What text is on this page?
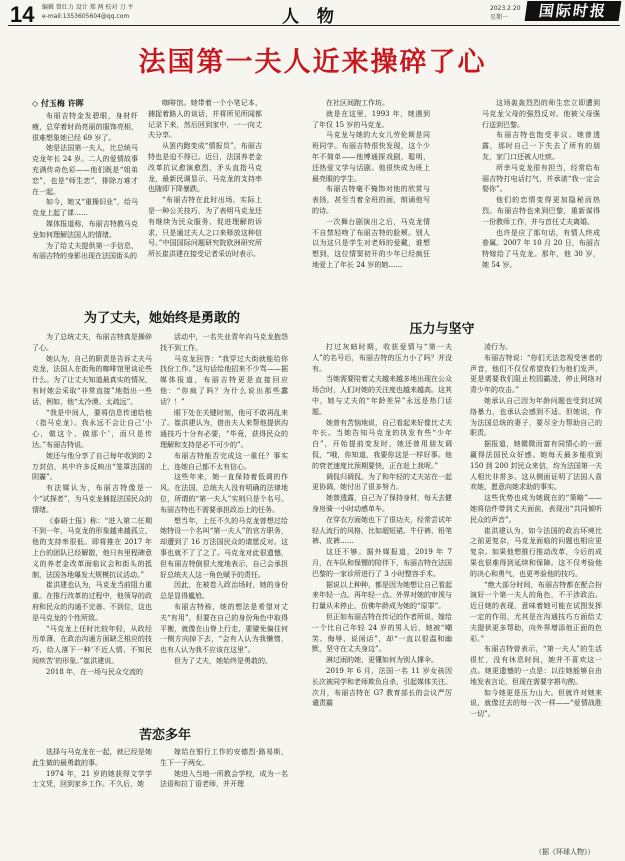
14 编辑 曾红力 设计 郑 两 校对 刀 平
e-mail:1353605604@qq.com	人 物	2023.2.20
星期一	国际时报
法国第一夫人近来操碎了心
◇ 付玉梅 许晖

布丽吉特金发碧眼，身材纤瘦，总穿着时尚亮丽的服饰亮相，很难想象她已经 69 岁了。

她是法国第一夫人，比总统马克龙年长 24 岁。二人的爱情故事充满传奇色彩——他们既是“姐弟恋”，也是“师生恋”，排除万难才在一起。

如今，她又“重操旧业”，给马克龙上起了课……

媒体报道称，布丽吉特教马克龙如何理解法国人的情绪。

为了给丈夫提供第一手信息，布丽吉特的身影出现在法国街头的

咖啡馆。她带着一个小笔记本，捕捉着路人的谈话，并将所见所闻都记录下来，然后回到家中，一一向丈夫分享。

从罢内跑变成“情报员”，布丽吉特也是迫不得已。近日，法国养老金改革抗议愈演愈烈，矛头直指马克龙，最新民调显示，马克龙的支持率也随即下降暴跌。

“布丽吉特在此时出场，实际上是一种公关技巧，为了表明马克龙还有继续为民众服务、促进理解的诉求，只是通过夫人之口来释放这种信号。”中国国际问题研究院欧洲研究所所长崔洪建在接受记者采访时表示。

在社区间跑工作坊。

就是在这里，1993 年，她遇到了年仅 15 岁的马克龙。

马克龙与她的大女儿劳伦斯是同班同学。布丽吉特很快发现，这个少年不简单——他博通探戏剧，聪明，还热爱文学与话剧。他很快成为班上最亮眼的学生。

布丽吉特毫不掩饰对他的欣赏与表扬，甚至当着全班的面，朗诵他写的诗。

一次舞台剧演出之后，马克龙情不自禁轻吻了布丽吉特的脸颊。别人以为这只是学生对老师的爱戴，谁想想到，这位情窦初开的少年已经疯狂地爱上了年长 24 岁的她……

这场轰轰烈烈的师生恋立即遭到马克龙父母的强烈反对。他被父母强行送到巴黎。

布丽吉特也饱受非议。她曾透露，那时自己一下失去了所有的朋友，家门口还被人吐痰。

所幸马克龙很有担当，经常给布丽吉特打电话打气，并承诺“我一定会娶你”。

他们的恋情变得更加隐秘而热烈。布丽吉特也来到巴黎，重新谋得一份教师工作，并与首任丈夫离婚。

也许是应了那句话，有情人终成眷属。2007 年 10 月 20 日，布丽吉特嫁给了马克龙。那年，他 30 岁，她 54 岁。

为了丈夫，她始终是勇敢的
压力与坚守
苦恋多年

为了总统丈夫，布丽吉特真是操碎了心。

她认为，自己的职责是告诉丈夫马克龙，法国人在街角的咖啡馆里谈论些什么。为了让丈夫知道最真实的情况，有时她会采取“非常直接”地指出一些话，例如，他“太冷漠、太疏远”。

“我是中间人，要将信息传递给他（指马克龙）。我永远不会让自己‘小心，做这个、做那个’，而只是传达。”布丽吉特说。

她还与他分享了自己每年收到的 2 万封信，其中许多反映出“笼罩法国的阴霾”。

有法媒认为，布丽吉特像是一个“试探者”，为马克龙捕捉法国民众的情绪。

《泰晤士报》称：“进入第二任期不到一年，马克龙的形象越来越孤立，他的支持率很低。即将推在 2017 年上台的团队已经解散，他只有里程碑意义的养老金改革面临议会和街头的抵制，法国各地爆发大规模抗议活动。”

崔洪建也认为，马克龙当前阻力重重。在推行改革的过程中，他领导的政府和民众的沟通不完善、不到位，这也是马克龙的个性所致。

“马克龙上任时比较年轻，从政经历单薄，在政治沟通方面缺乏相应的技巧，给人落下一种‘不近人情、不知民间疾苦’的形象。”崔洪建说。

2018 年，在一场与民众交流的

活动中，一名失业青年向马克龙抱怨找不到工作。

马克龙回答：“我穿过大街就能给你找份工作。”这句话给他招来不少骂——据媒体报道，布丽吉特更是直接回应他：“你疯了吗？为什么说出那些蠢话？！”

眼下处在关键时刻，他可不敢再乱来了。崔洪建认为，借由夫人来帮他提供沟通技巧十分有必要，“毕竟，获得民众的理解和支持是必不可少的”。

布丽吉特能否完成这一重任？事实上，连她自己都不太有信心。

这些年来，她一直保持着低调的作风。在法国，总统夫人没有明确的法律地位，所谓的“第一夫人”实则只是个名号。布丽吉特也不需要承担政治上的任务。

想当年，上任不久的马克龙曾想过给她特设一个名叫“第一夫人”的官方职务，却遭到了 16 万法国民众的请愿反对。这事也就不了了之了。马克龙对此很遗憾，但布丽吉特倒很大度地表示，自己会承担好总统夫人这一角色赋予的责任。

因此，在被卷入政治场时，她的身份总是显得尴尬。

布丽吉特称，她的想法是希望对丈夫“有用”，但要在自己的身份角色中取得平衡，就像在山脊上行走，要避免偏往何一侧方向掉下去，“会有人认为我懒惰，也有人认为我不应该在这里”。

但为了丈夫，她始终是勇敢的。

打过灰暗时期，收获爱情与“第一夫人”的名号后，布丽吉特的压力小了吗？并没有。

当她需要陪着丈夫越来越多地出现在公众场合时，人们对她的关注度也越来越高。这其中，她与丈夫的“年龄差异”永远是热门话题。

她曾有苦恼地说，自己看起来好像比丈夫年长。当她告知马克龙的执发有些“少年白”，开始提前变发时，她还曾用朋友调侃，“哦，你知道，我要你这是一样好事。他的衰老速度比预期要快，正在赶上我呢。”

调侃归调侃。为了和年轻的丈夫站在一起更协调，她付出了很多努力。

她曾透露，自己为了保持身材，每天去健身房骑一小时动感单车。

在穿衣方面她也下了很功夫，经常尝试年轻人流行的风格，比如超短裙、牛仔裤、铅笔裤、皮裤……

这还不够。据外媒报道，2019 年 7 月，在车队和保镖的陪伴下，布丽吉特在法国巴黎的一家诊所进行了 3 小时整容手术。

据说以上种种，都是因为她想让自己看起来年轻一点。再年轻一点。外界对她的审视与打量从未停止，仿佛年龄成为她的“原罪”。

但正如布丽吉特在传记的作者所说，嫁给一个比自己年轻 24 岁的男人后，她被“嘲笑、侮辱、说闲话”，却“一直以很温和幽默，坚守在丈夫身边”。

淋过雨的她，更懂如何为别人撑伞。

2019 年 6 月，法国一名 11 岁女孩因长次被同学和老师欺负自杀，引起媒体关注。次月，布丽吉特在 G7 教育部长的会议严厉谴责霸

凌行为。

布丽吉特说：“你们无法忽视受害者的声音，他们不仅仅希望我们为他们发声，更是需要我们阻止校园霸凌，停止网络对青少年的攻击。”

她承认自己因为年龄问题也受到过网络暴力，也承认会感到不适。但她说，作为法国总统的妻子，要尽全力帮助自己的职责。

据报道，她微微而富有同情心的一面赢得法国民众好感。她每天最多能收到 150 到 200 封民众来信，均为法国第一夫人相比非常多。这从侧面证明了法国人喜欢她，愿意向她求助的事实。

这些优势也成为她既在的“策略”——她将信件带到丈夫面前，表现出“共同倾听民众的声音”。

崔洪建认为，如今法国的政治环境比之前更复杂，马克龙面临的问题也相应更复杂。如果他想推行推动改革，今后的成果也很难得到延续和保障。这不仅考验他的决心和勇气，也更考验他的技巧。

“绝大部分时间，布丽吉特都在配合扮演好一个第一夫人的角色，不干涉政治。近日她的表现，意味着她可能在试图发挥一定的作用，尤其是在沟通技巧方面给丈夫提供更多帮助，向外界增添他正面的色彩。”

布丽吉特曾表示，“第一夫人”的生活很忙，没有休息时间，她并不喜欢这一点。她更遗憾的一点是：以往她能够自由地发表言论，但现在需要字斟句酌。

如今她更是压力山大。但就许对她来说，就像过去的每一次一样——“爱情战胜一切”。

选择与马克龙在一起，就已经是她此生做的最勇敢的事。

1974 年，21 岁的她获得文学学士文凭，回到家乡工作。不久后，她

嫁给在银行工作的安德烈·路易斯，生下一子两女。

她进入当地一所教会学校，成为一名法语和拉丁语老师，并开理

（据《环球人物》）
